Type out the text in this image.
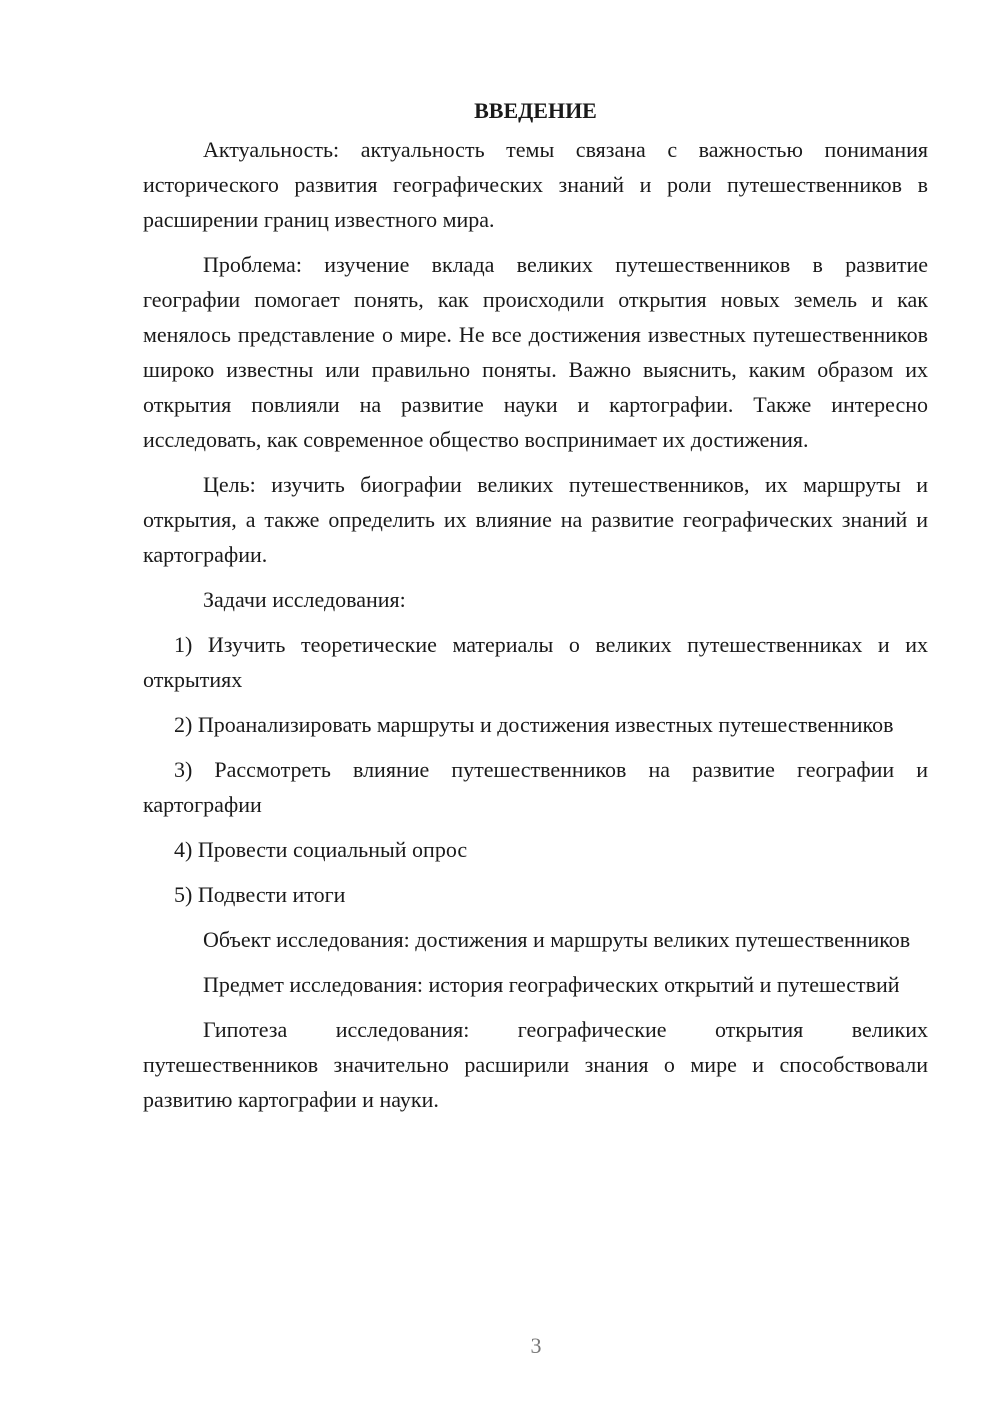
ВВЕДЕНИЕ

Актуальность: актуальность темы связана с важностью понимания исторического развития географических знаний и роли путешественников в расширении границ известного мира.

Проблема: изучение вклада великих путешественников в развитие географии помогает понять, как происходили открытия новых земель и как менялось представление о мире. Не все достижения известных путешественников широко известны или правильно поняты. Важно выяснить, каким образом их открытия повлияли на развитие науки и картографии. Также интересно исследовать, как современное общество воспринимает их достижения.

Цель: изучить биографии великих путешественников, их маршруты и открытия, а также определить их влияние на развитие географических знаний и картографии.

Задачи исследования:

1) Изучить теоретические материалы о великих путешественниках и их открытиях

2) Проанализировать маршруты и достижения известных путешественников

3) Рассмотреть влияние путешественников на развитие географии и картографии

4) Провести социальный опрос

5) Подвести итоги

Объект исследования: достижения и маршруты великих путешественников

Предмет исследования: история географических открытий и путешествий

Гипотеза исследования: географические открытия великих путешественников значительно расширили знания о мире и способствовали развитию картографии и науки.

3
